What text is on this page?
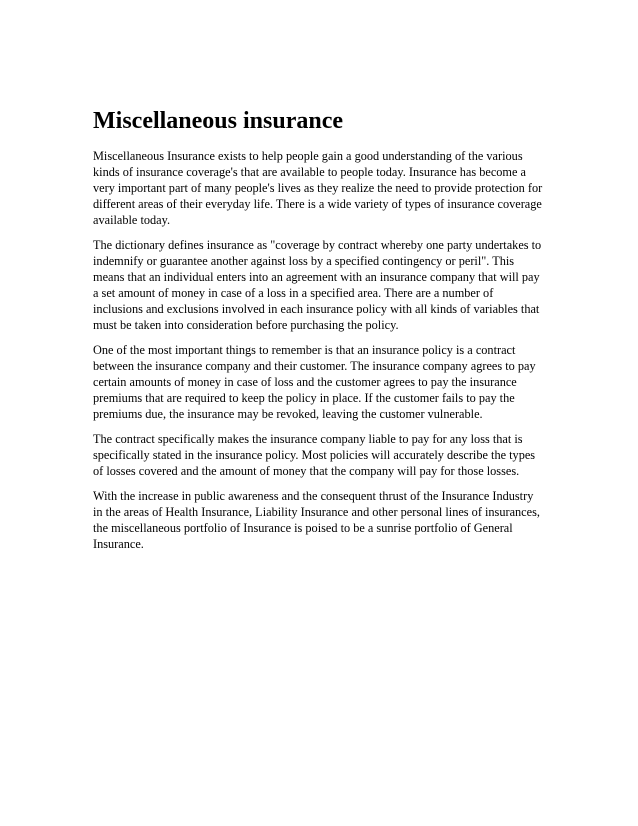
Miscellaneous insurance

Miscellaneous Insurance exists to help people gain a good understanding of the various kinds of insurance coverage's that are available to people today. Insurance has become a very important part of many people's lives as they realize the need to provide protection for different areas of their everyday life. There is a wide variety of types of insurance coverage available today.

The dictionary defines insurance as "coverage by contract whereby one party undertakes to indemnify or guarantee another against loss by a specified contingency or peril". This means that an individual enters into an agreement with an insurance company that will pay a set amount of money in case of a loss in a specified area. There are a number of inclusions and exclusions involved in each insurance policy with all kinds of variables that must be taken into consideration before purchasing the policy.

One of the most important things to remember is that an insurance policy is a contract between the insurance company and their customer. The insurance company agrees to pay certain amounts of money in case of loss and the customer agrees to pay the insurance premiums that are required to keep the policy in place. If the customer fails to pay the premiums due, the insurance may be revoked, leaving the customer vulnerable.

The contract specifically makes the insurance company liable to pay for any loss that is specifically stated in the insurance policy. Most policies will accurately describe the types of losses covered and the amount of money that the company will pay for those losses.

With the increase in public awareness and the consequent thrust of the Insurance Industry in the areas of Health Insurance, Liability Insurance and other personal lines of insurances, the miscellaneous portfolio of Insurance is poised to be a sunrise portfolio of General Insurance.
